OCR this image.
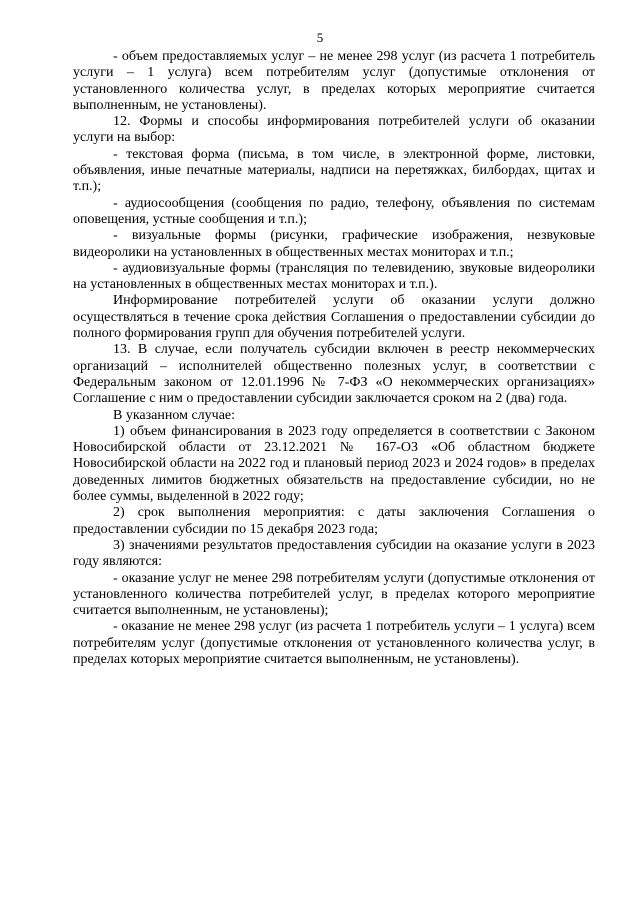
5

- объем предоставляемых услуг – не менее 298 услуг (из расчета 1 потребитель услуги – 1 услуга) всем потребителям услуг (допустимые отклонения от установленного количества услуг, в пределах которых мероприятие считается выполненным, не установлены).

12. Формы и способы информирования потребителей услуги об оказании услуги на выбор:

- текстовая форма (письма, в том числе, в электронной форме, листовки, объявления, иные печатные материалы, надписи на перетяжках, билбордах, щитах и т.п.);

- аудиосообщения (сообщения по радио, телефону, объявления по системам оповещения, устные сообщения и т.п.);

- визуальные формы (рисунки, графические изображения, незвуковые видеоролики на установленных в общественных местах мониторах и т.п.;

- аудиовизуальные формы (трансляция по телевидению, звуковые видеоролики на установленных в общественных местах мониторах и т.п.).

Информирование потребителей услуги об оказании услуги должно осуществляться в течение срока действия Соглашения о предоставлении субсидии до полного формирования групп для обучения потребителей услуги.

13. В случае, если получатель субсидии включен в реестр некоммерческих организаций – исполнителей общественно полезных услуг, в соответствии с Федеральным законом от 12.01.1996 № 7-ФЗ «О некоммерческих организациях» Соглашение с ним о предоставлении субсидии заключается сроком на 2 (два) года.

В указанном случае:

1) объем финансирования в 2023 году определяется в соответствии с Законом Новосибирской области от 23.12.2021 № 167-ОЗ «Об областном бюджете Новосибирской области на 2022 год и плановый период 2023 и 2024 годов» в пределах доведенных лимитов бюджетных обязательств на предоставление субсидии, но не более суммы, выделенной в 2022 году;

2) срок выполнения мероприятия: с даты заключения Соглашения о предоставлении субсидии по 15 декабря 2023 года;

3) значениями результатов предоставления субсидии на оказание услуги в 2023 году являются:

- оказание услуг не менее 298 потребителям услуги (допустимые отклонения от установленного количества потребителей услуг, в пределах которого мероприятие считается выполненным, не установлены);

- оказание не менее 298 услуг (из расчета 1 потребитель услуги – 1 услуга) всем потребителям услуг (допустимые отклонения от установленного количества услуг, в пределах которых мероприятие считается выполненным, не установлены).
